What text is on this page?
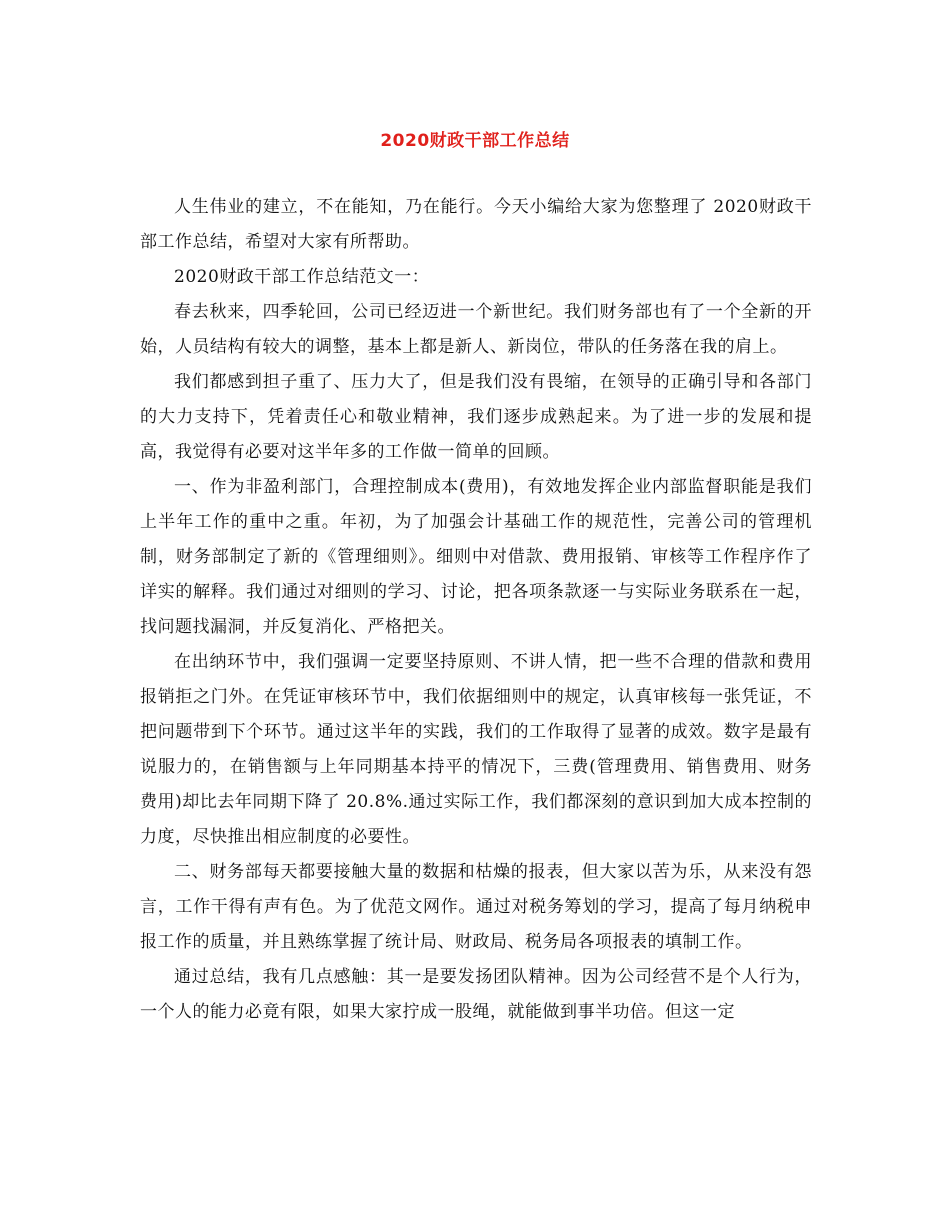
2020财政干部工作总结

人生伟业的建立，不在能知，乃在能行。今天小编给大家为您整理了 2020财政干部工作总结，希望对大家有所帮助。

2020财政干部工作总结范文一：

春去秋来，四季轮回，公司已经迈进一个新世纪。我们财务部也有了一个全新的开始，人员结构有较大的调整，基本上都是新人、新岗位，带队的任务落在我的肩上。

我们都感到担子重了、压力大了，但是我们没有畏缩，在领导的正确引导和各部门的大力支持下，凭着责任心和敬业精神，我们逐步成熟起来。为了进一步的发展和提高，我觉得有必要对这半年多的工作做一简单的回顾。

一、作为非盈利部门，合理控制成本(费用)，有效地发挥企业内部监督职能是我们上半年工作的重中之重。年初，为了加强会计基础工作的规范性，完善公司的管理机制，财务部制定了新的《管理细则》。细则中对借款、费用报销、审核等工作程序作了详实的解释。我们通过对细则的学习、讨论，把各项条款逐一与实际业务联系在一起，找问题找漏洞，并反复消化、严格把关。

在出纳环节中，我们强调一定要坚持原则、不讲人情，把一些不合理的借款和费用报销拒之门外。在凭证审核环节中，我们依据细则中的规定，认真审核每一张凭证，不把问题带到下个环节。通过这半年的实践，我们的工作取得了显著的成效。数字是最有说服力的，在销售额与上年同期基本持平的情况下，三费(管理费用、销售费用、财务费用)却比去年同期下降了 20.8%.通过实际工作，我们都深刻的意识到加大成本控制的力度，尽快推出相应制度的必要性。

二、财务部每天都要接触大量的数据和枯燥的报表，但大家以苦为乐，从来没有怨言，工作干得有声有色。为了优范文网作。通过对税务筹划的学习，提高了每月纳税申报工作的质量，并且熟练掌握了统计局、财政局、税务局各项报表的填制工作。

通过总结，我有几点感触：其一是要发扬团队精神。因为公司经营不是个人行为，一个人的能力必竟有限，如果大家拧成一股绳，就能做到事半功倍。但这一定
